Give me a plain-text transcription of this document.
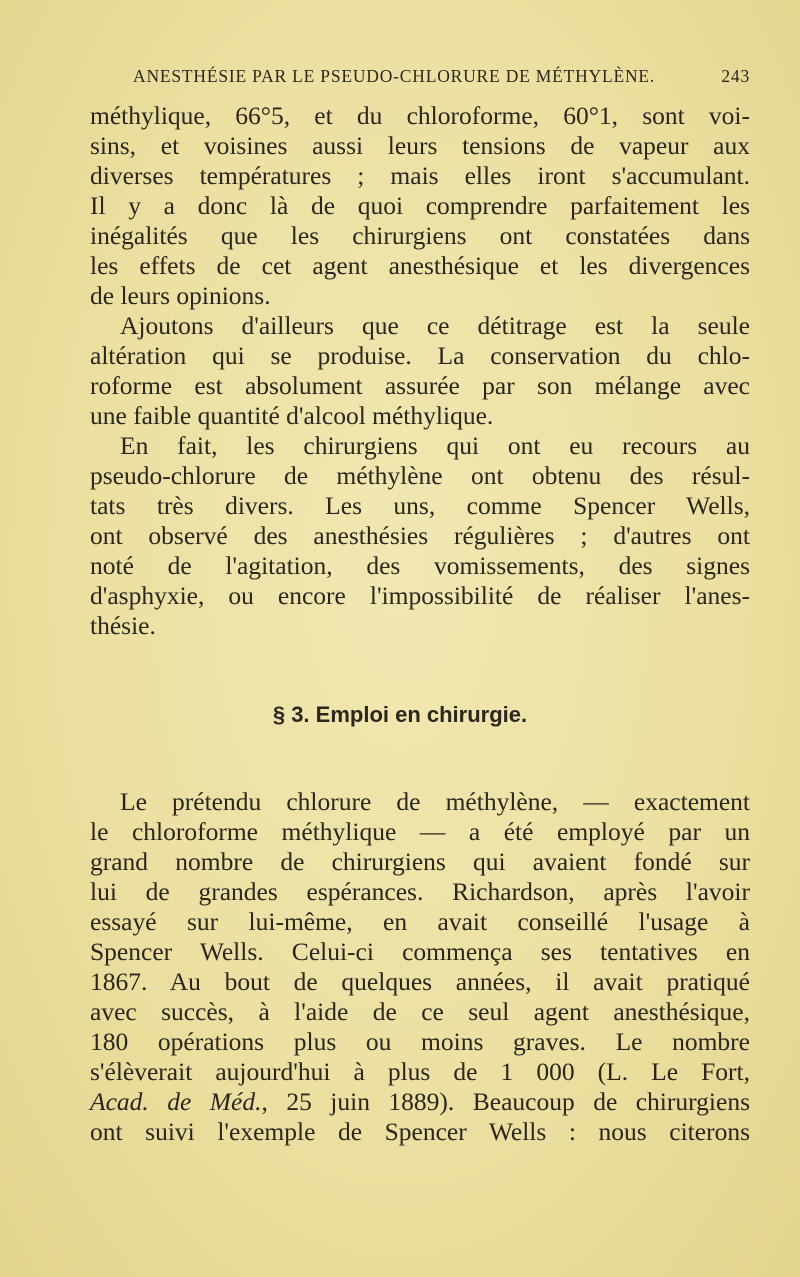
ANESTHÉSIE PAR LE PSEUDO-CHLORURE DE MÉTHYLÈNE.	243
méthylique, 66°5, et du chloroforme, 60°1, sont voi-
sins, et voisines aussi leurs tensions de vapeur aux
diverses températures ; mais elles iront s'accumulant.
Il y a donc là de quoi comprendre parfaitement les
inégalités que les chirurgiens ont constatées dans
les effets de cet agent anesthésique et les divergences
de leurs opinions.
Ajoutons d'ailleurs que ce détitrage est la seule
altération qui se produise. La conservation du chlo-
roforme est absolument assurée par son mélange avec
une faible quantité d'alcool méthylique.
En fait, les chirurgiens qui ont eu recours au
pseudo-chlorure de méthylène ont obtenu des résul-
tats très divers. Les uns, comme Spencer Wells,
ont observé des anesthésies régulières ; d'autres ont
noté de l'agitation, des vomissements, des signes
d'asphyxie, ou encore l'impossibilité de réaliser l'anes-
thésie.
§ 3. Emploi en chirurgie.
Le prétendu chlorure de méthylène, — exactement
le chloroforme méthylique — a été employé par un
grand nombre de chirurgiens qui avaient fondé sur
lui de grandes espérances. Richardson, après l'avoir
essayé sur lui-même, en avait conseillé l'usage à
Spencer Wells. Celui-ci commença ses tentatives en
1867. Au bout de quelques années, il avait pratiqué
avec succès, à l'aide de ce seul agent anesthésique,
180 opérations plus ou moins graves. Le nombre
s'élèverait aujourd'hui à plus de 1 000 (L. Le Fort,
Acad. de Méd., 25 juin 1889). Beaucoup de chirurgiens
ont suivi l'exemple de Spencer Wells : nous citerons
